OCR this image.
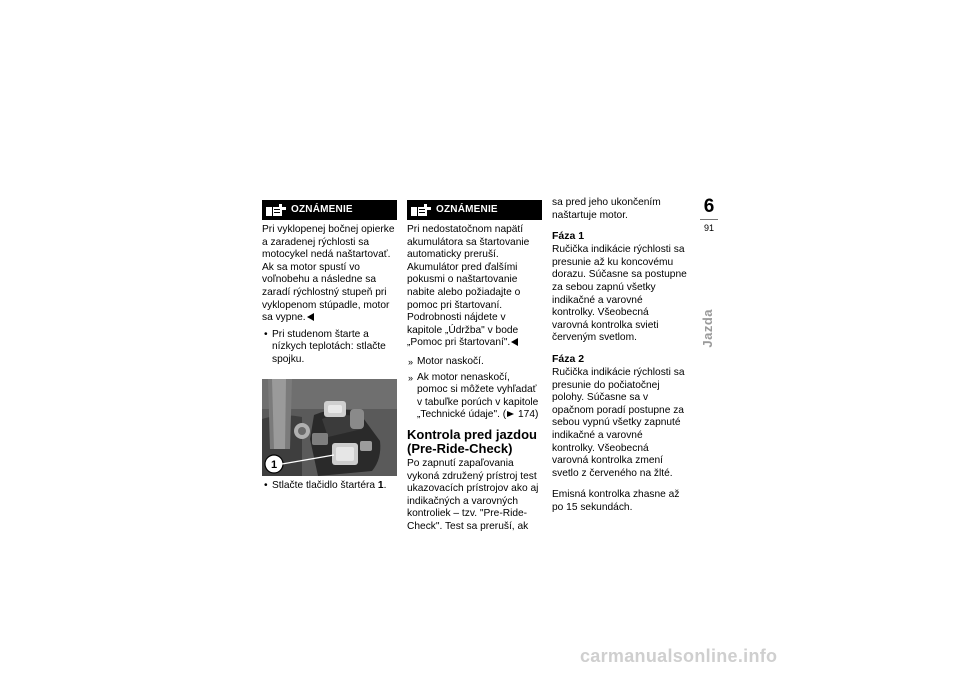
OZNÁMENIE

Pri vyklopenej bočnej opierke a zaradenej rýchlosti sa motocykel nedá naštartovať. Ak sa motor spustí vo voľnobehu a následne sa zaradí rýchlostný stupeň pri vyklopenom stúpadle, motor sa vypne.

• Pri studenom štarte a nízkych teplotách: stlačte spojku.
1
• Stlačte tlačidlo štartéra 1.
OZNÁMENIE

Pri nedostatočnom napätí akumulátora sa štartovanie automaticky preruší. Akumulátor pred ďalšími pokusmi o naštartovanie nabite alebo požiadajte o pomoc pri štartovaní.

Podrobnosti nájdete v kapitole „Údržba" v bode „Pomoc pri štartovaní".

» Motor naskočí.
» Ak motor nenaskočí, pomoc si môžete vyhľadať v tabuľke porúch v kapitole „Technické údaje". ( 174)
Kontrola pred jazdou (Pre-Ride-Check)

Po zapnutí zapaľovania vykoná združený prístroj test ukazovacích prístrojov ako aj indikačných a varovných kontroliek – tzv. "Pre-Ride-Check". Test sa preruší, ak

sa pred jeho ukončením naštartuje motor.

Fáza 1

Ručička indikácie rýchlosti sa presunie až ku koncovému dorazu. Súčasne sa postupne za sebou zapnú všetky indikačné a varovné kontrolky. Všeobecná varovná kontrolka svieti červeným svetlom.

Fáza 2

Ručička indikácie rýchlosti sa presunie do počiatočnej polohy. Súčasne sa v opačnom poradí postupne za sebou vypnú všetky zapnuté indikačné a varovné kontrolky. Všeobecná varovná kontrolka zmení svetlo z červeného na žlté.

Emisná kontrolka zhasne až po 15 sekundách.

6
91
Jazda
carmanualsonline.info
